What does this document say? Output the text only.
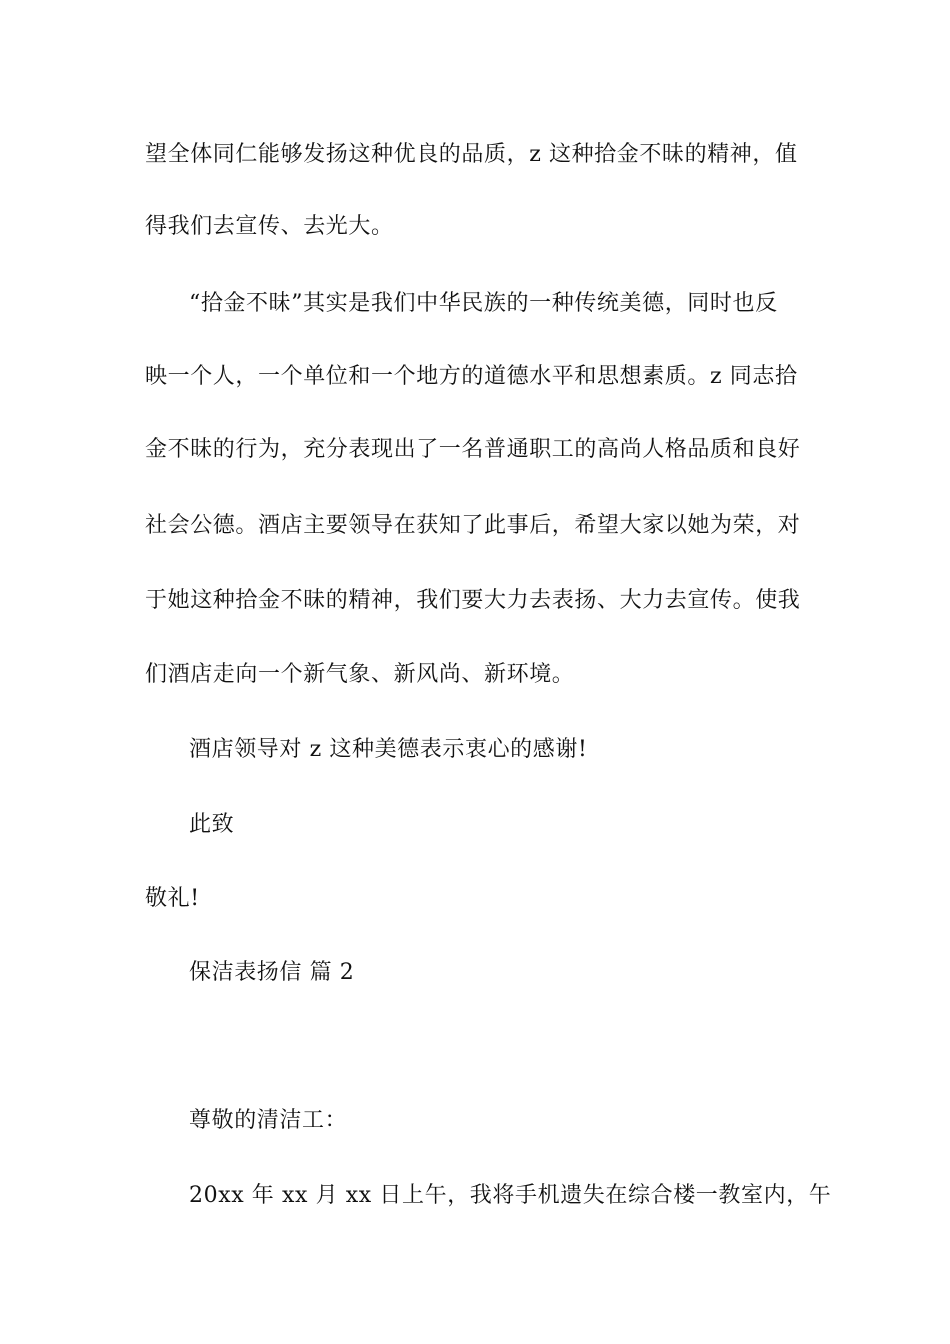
望全体同仁能够发扬这种优良的品质，z 这种拾金不昧的精神，值
得我们去宣传、去光大。
“拾金不昧”其实是我们中华民族的一种传统美德，同时也反
映一个人，一个单位和一个地方的道德水平和思想素质。z 同志拾
金不昧的行为，充分表现出了一名普通职工的高尚人格品质和良好
社会公德。酒店主要领导在获知了此事后，希望大家以她为荣，对
于她这种拾金不昧的精神，我们要大力去表扬、大力去宣传。使我
们酒店走向一个新气象、新风尚、新环境。
酒店领导对 z 这种美德表示衷心的感谢!
此致
敬礼!
保洁表扬信 篇 2
尊敬的清洁工：
20xx 年 xx 月 xx 日上午，我将手机遗失在综合楼一教室内，午
